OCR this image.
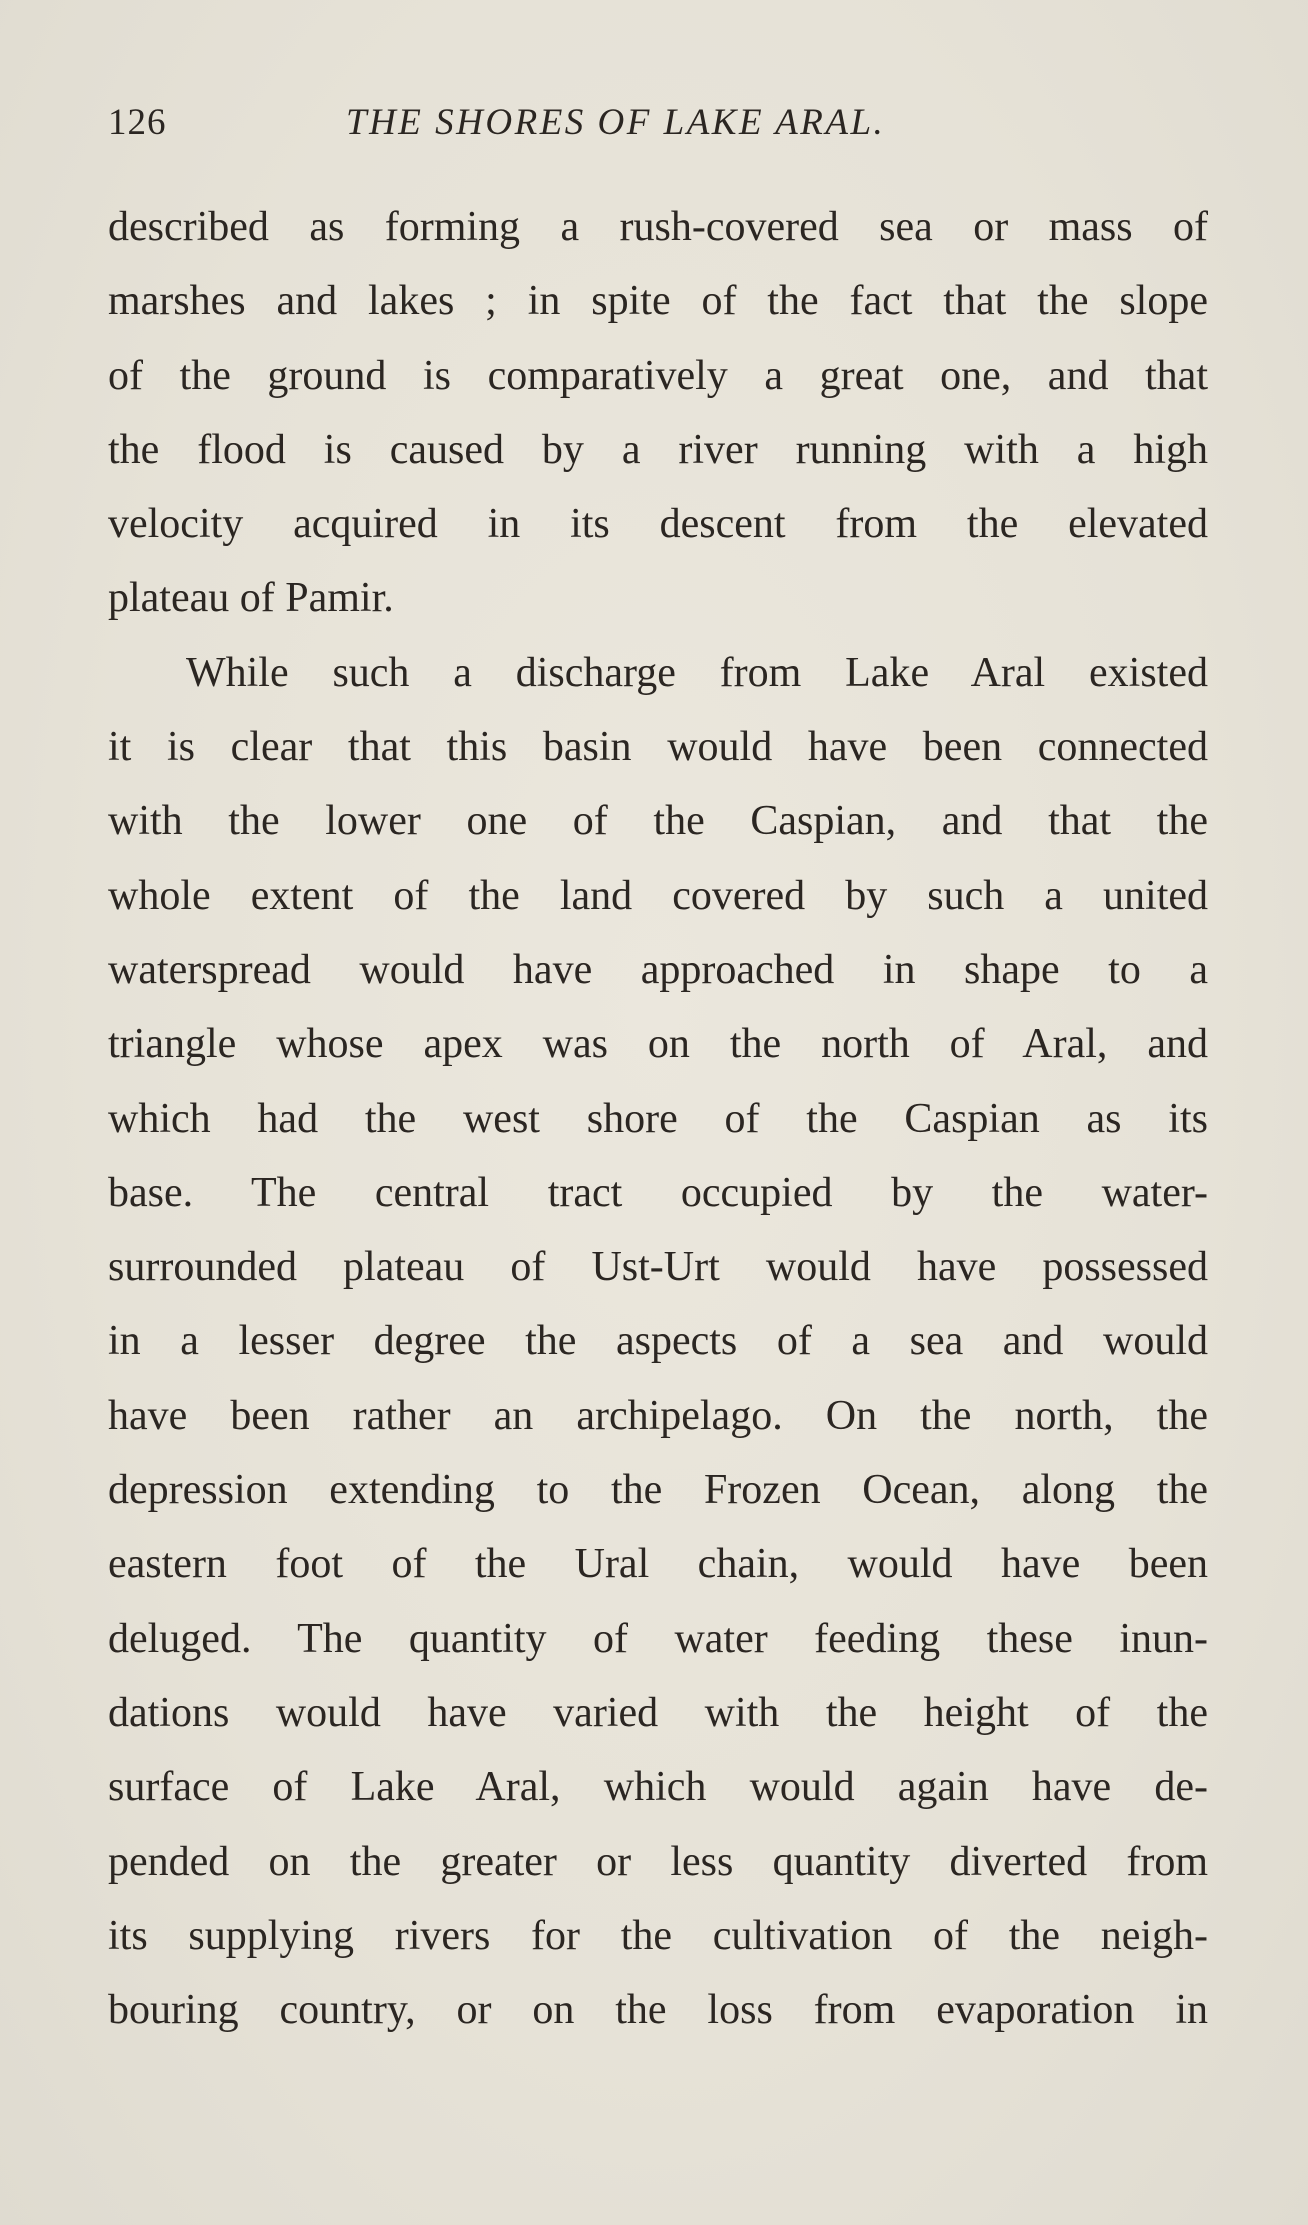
126	THE SHORES OF LAKE ARAL.
described as forming a rush-covered sea or mass of
marshes and lakes ; in spite of the fact that the slope
of the ground is comparatively a great one, and that
the flood is caused by a river running with a high
velocity acquired in its descent from the elevated
plateau of Pamir.
While such a discharge from Lake Aral existed
it is clear that this basin would have been connected
with the lower one of the Caspian, and that the
whole extent of the land covered by such a united
waterspread would have approached in shape to a
triangle whose apex was on the north of Aral, and
which had the west shore of the Caspian as its
base. The central tract occupied by the water-
surrounded plateau of Ust-Urt would have possessed
in a lesser degree the aspects of a sea and would
have been rather an archipelago. On the north, the
depression extending to the Frozen Ocean, along the
eastern foot of the Ural chain, would have been
deluged. The quantity of water feeding these inun-
dations would have varied with the height of the
surface of Lake Aral, which would again have de-
pended on the greater or less quantity diverted from
its supplying rivers for the cultivation of the neigh-
bouring country, or on the loss from evaporation in
